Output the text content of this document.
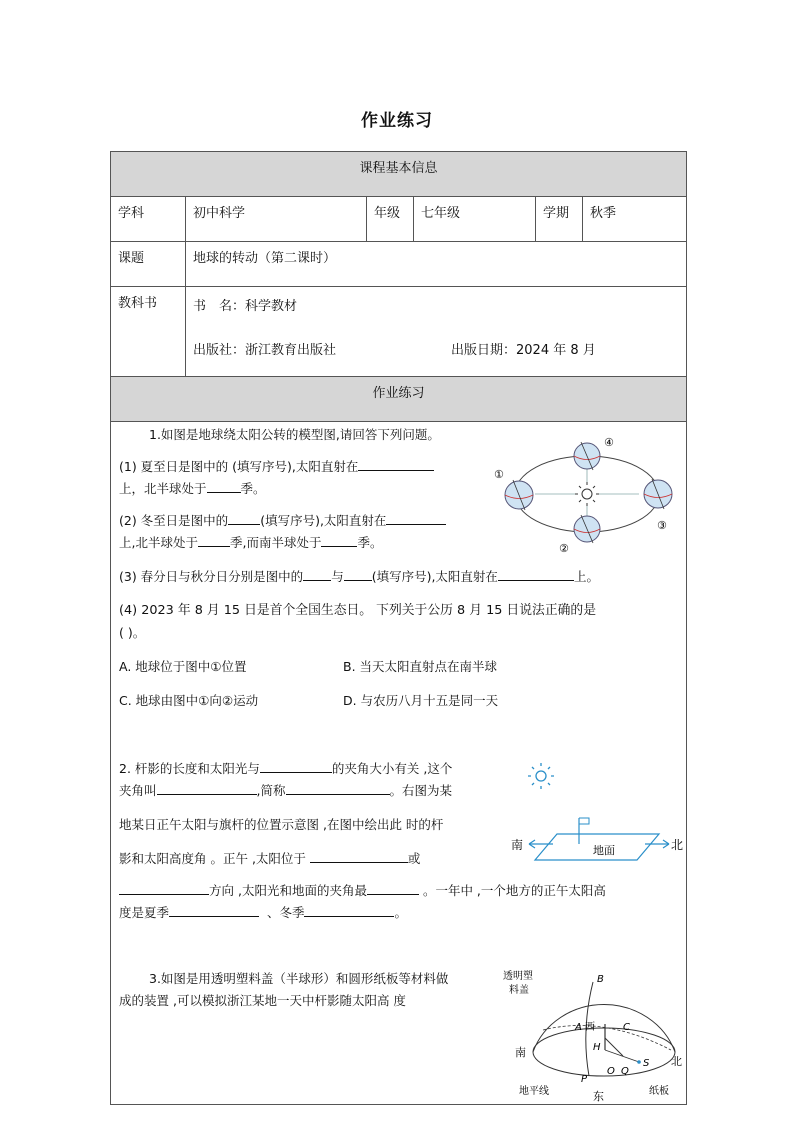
作业练习
课程基本信息
学科	初中科学	年级	七年级	学期	秋季
课题	地球的转动（第二课时）
教科书	书　名：科学教材
出版社：浙江教育出版社	出版日期：2024 年 8 月
作业练习
1.如图是地球绕太阳公转的模型图,请回答下列问题。
(1) 夏至日是图中的 (填写序号),太阳直射在
上，北半球处于	季。
(2) 冬至日是图中的	(填写序号),太阳直射在
上,北半球处于	季,而南半球处于	季。
(3) 春分日与秋分日分别是图中的 与 (填写序号),太阳直射在	上。
(4) 2023 年 8 月 15 日是首个全国生态日。 下列关于公历 8 月 15 日说法正确的是
( )。
A. 地球位于图中①位置	B. 当天太阳直射点在南半球
C. 地球由图中①向②运动	D. 与农历八月十五是同一天
①
②
③
④
2. 杆影的长度和太阳光与	的夹角大小有关 ,这个
夹角叫	,简称	。右图为某
地某日正午太阳与旗杆的位置示意图 ,在图中绘出此 时的杆
影和太阳高度角 。正午 ,太阳位于	或
方向 ,太阳光和地面的夹角最	。一年中 ,一个地方的正午太阳高
度是夏季	、冬季	。
南	北
地面
3.如图是用透明塑料盖（半球形）和圆形纸板等材料做
成的装置 ,可以模拟浙江某地一天中杆影随太阳高 度
透明塑
料盖
B
A 西	C
H
S
O Q
P
南
北
东
地平线	纸板
